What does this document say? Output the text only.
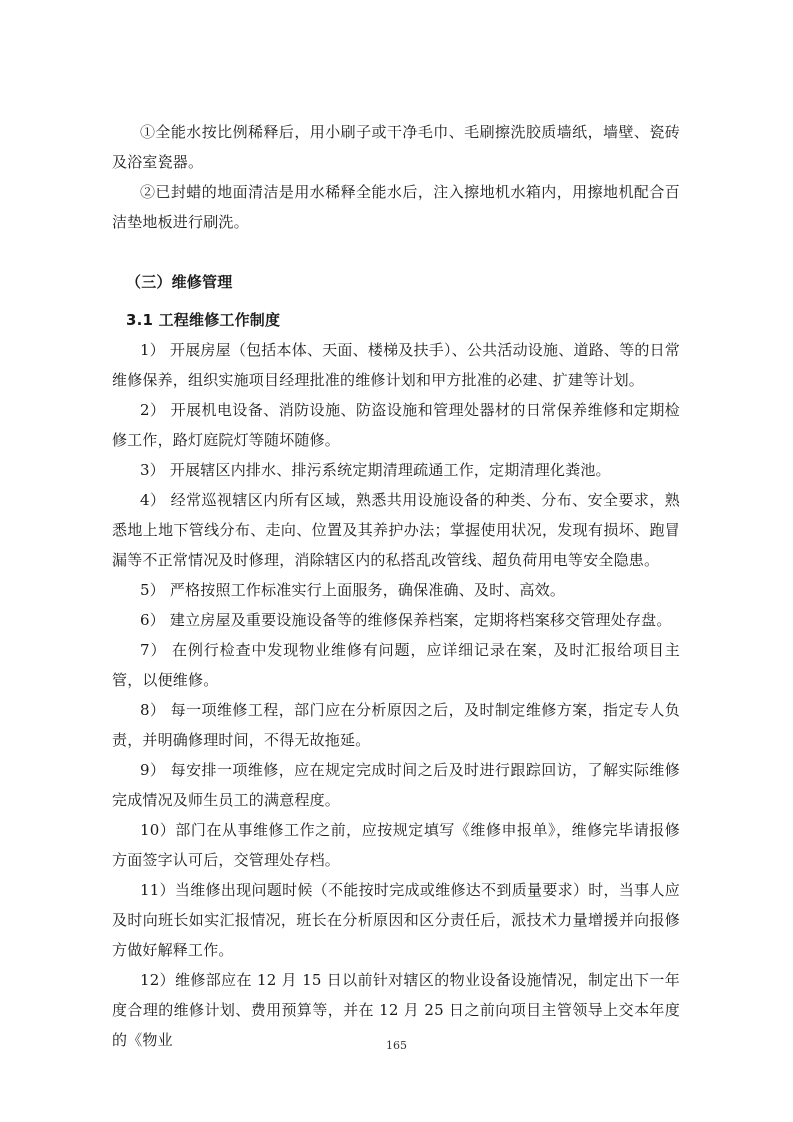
①全能水按比例稀释后，用小刷子或干净毛巾、毛刷擦洗胶质墙纸，墙壁、瓷砖及浴室瓷器。

②已封蜡的地面清洁是用水稀释全能水后，注入擦地机水箱内，用擦地机配合百洁垫地板进行刷洗。

（三）维修管理

3.1 工程维修工作制度

1） 开展房屋（包括本体、天面、楼梯及扶手）、公共活动设施、道路、等的日常维修保养，组织实施项目经理批准的维修计划和甲方批准的必建、扩建等计划。

2） 开展机电设备、消防设施、防盗设施和管理处器材的日常保养维修和定期检修工作，路灯庭院灯等随坏随修。

3） 开展辖区内排水、排污系统定期清理疏通工作，定期清理化粪池。

4） 经常巡视辖区内所有区域，熟悉共用设施设备的种类、分布、安全要求，熟悉地上地下管线分布、走向、位置及其养护办法；掌握使用状况，发现有损坏、跑冒漏等不正常情况及时修理，消除辖区内的私搭乱改管线、超负荷用电等安全隐患。

5） 严格按照工作标准实行上面服务，确保准确、及时、高效。

6） 建立房屋及重要设施设备等的维修保养档案，定期将档案移交管理处存盘。

7） 在例行检查中发现物业维修有问题，应详细记录在案，及时汇报给项目主管，以便维修。

8） 每一项维修工程，部门应在分析原因之后，及时制定维修方案，指定专人负责，并明确修理时间，不得无故拖延。

9） 每安排一项维修，应在规定完成时间之后及时进行跟踪回访，了解实际维修完成情况及师生员工的满意程度。

10）部门在从事维修工作之前，应按规定填写《维修申报单》，维修完毕请报修方面签字认可后，交管理处存档。

11）当维修出现问题时候（不能按时完成或维修达不到质量要求）时，当事人应及时向班长如实汇报情况，班长在分析原因和区分责任后，派技术力量增援并向报修方做好解释工作。

12）维修部应在 12 月 15 日以前针对辖区的物业设备设施情况，制定出下一年度合理的维修计划、费用预算等，并在 12 月 25 日之前向项目主管领导上交本年度的《物业	165
